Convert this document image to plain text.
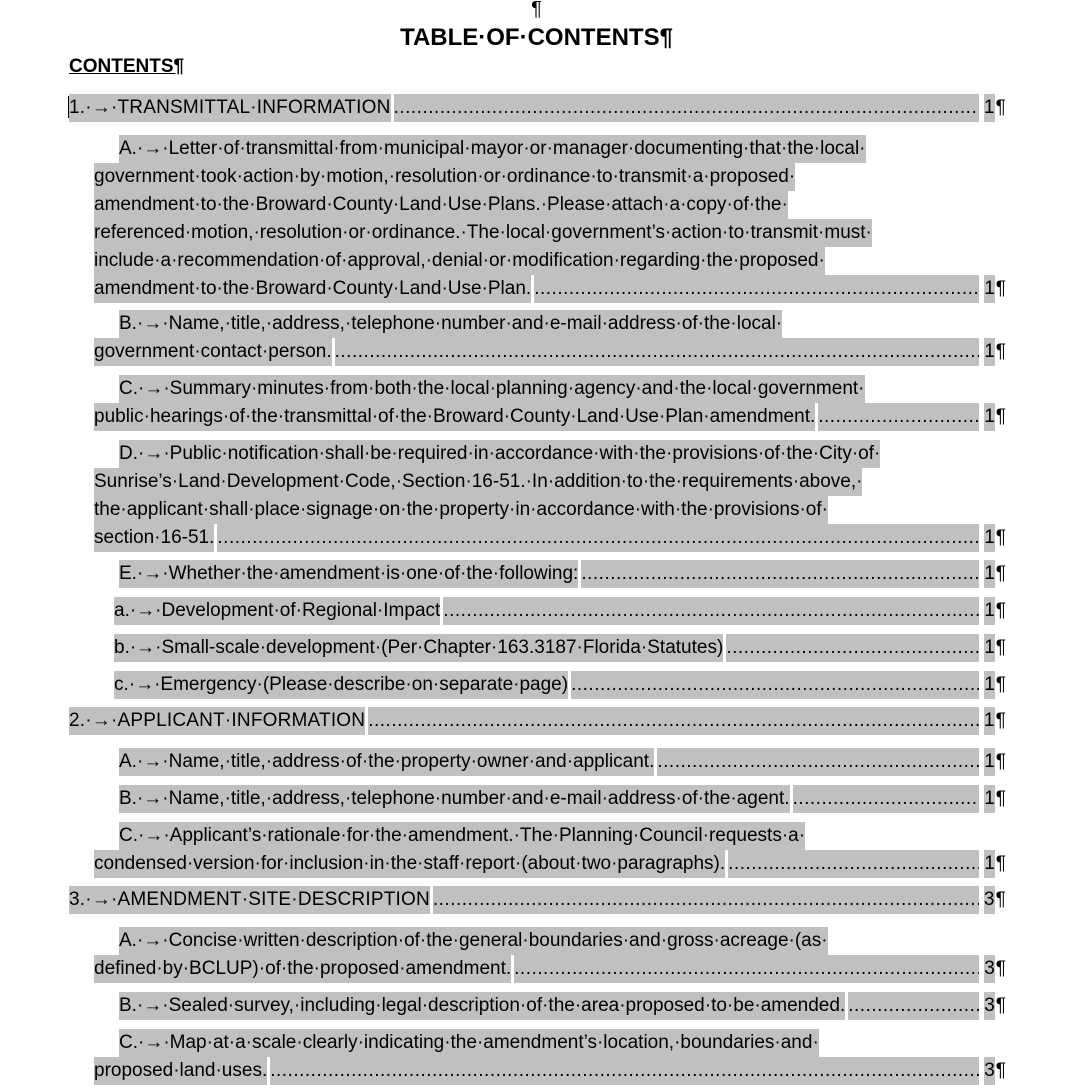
¶
TABLE·OF·CONTENTS¶
CONTENTS¶
1.·→·TRANSMITTAL·INFORMATION .....	1 ¶
A.·→·Letter·of·transmittal·from·municipal·mayor·or·manager·documenting·that·the·local·
government·took·action·by·motion,·resolution·or·ordinance·to·transmit·a·proposed·
amendment·to·the·Broward·County·Land·Use·Plans.·Please·attach·a·copy·of·the·
referenced·motion,·resolution·or·ordinance.·The·local·government’s·action·to·transmit·must·
include·a·recommendation·of·approval,·denial·or·modification·regarding·the·proposed·
amendment·to·the·Broward·County·Land·Use·Plan. .....	1 ¶
B.·→·Name,·title,·address,·telephone·number·and·e-mail·address·of·the·local·
government·contact·person. .....	1 ¶
C.·→·Summary·minutes·from·both·the·local·planning·agency·and·the·local·government·
public·hearings·of·the·transmittal·of·the·Broward·County·Land·Use·Plan·amendment. .....	1 ¶
D.·→·Public·notification·shall·be·required·in·accordance·with·the·provisions·of·the·City·of·
Sunrise’s·Land·Development·Code,·Section·16-51.·In·addition·to·the·requirements·above,·
the·applicant·shall·place·signage·on·the·property·in·accordance·with·the·provisions·of·
section·16-51. .....	1 ¶
E.·→·Whether·the·amendment·is·one·of·the·following: .....	1 ¶
a.·→·Development·of·Regional·Impact .....	1 ¶
b.·→·Small-scale·development·(Per·Chapter·163.3187·Florida·Statutes) .....	1 ¶
c.·→·Emergency·(Please·describe·on·separate·page) .....	1 ¶
2.·→·APPLICANT·INFORMATION .....	1 ¶
A.·→·Name,·title,·address·of·the·property·owner·and·applicant. .....	1 ¶
B.·→·Name,·title,·address,·telephone·number·and·e-mail·address·of·the·agent. .....	1 ¶
C.·→·Applicant’s·rationale·for·the·amendment.·The·Planning·Council·requests·a·
condensed·version·for·inclusion·in·the·staff·report·(about·two·paragraphs). .....	1 ¶
3.·→·AMENDMENT·SITE·DESCRIPTION .....	3 ¶
A.·→·Concise·written·description·of·the·general·boundaries·and·gross·acreage·(as·
defined·by·BCLUP)·of·the·proposed·amendment. .....	3 ¶
B.·→·Sealed·survey,·including·legal·description·of·the·area·proposed·to·be·amended. .....	3 ¶
C.·→·Map·at·a·scale·clearly·indicating·the·amendment’s·location,·boundaries·and·
proposed·land·uses. .....	3 ¶
